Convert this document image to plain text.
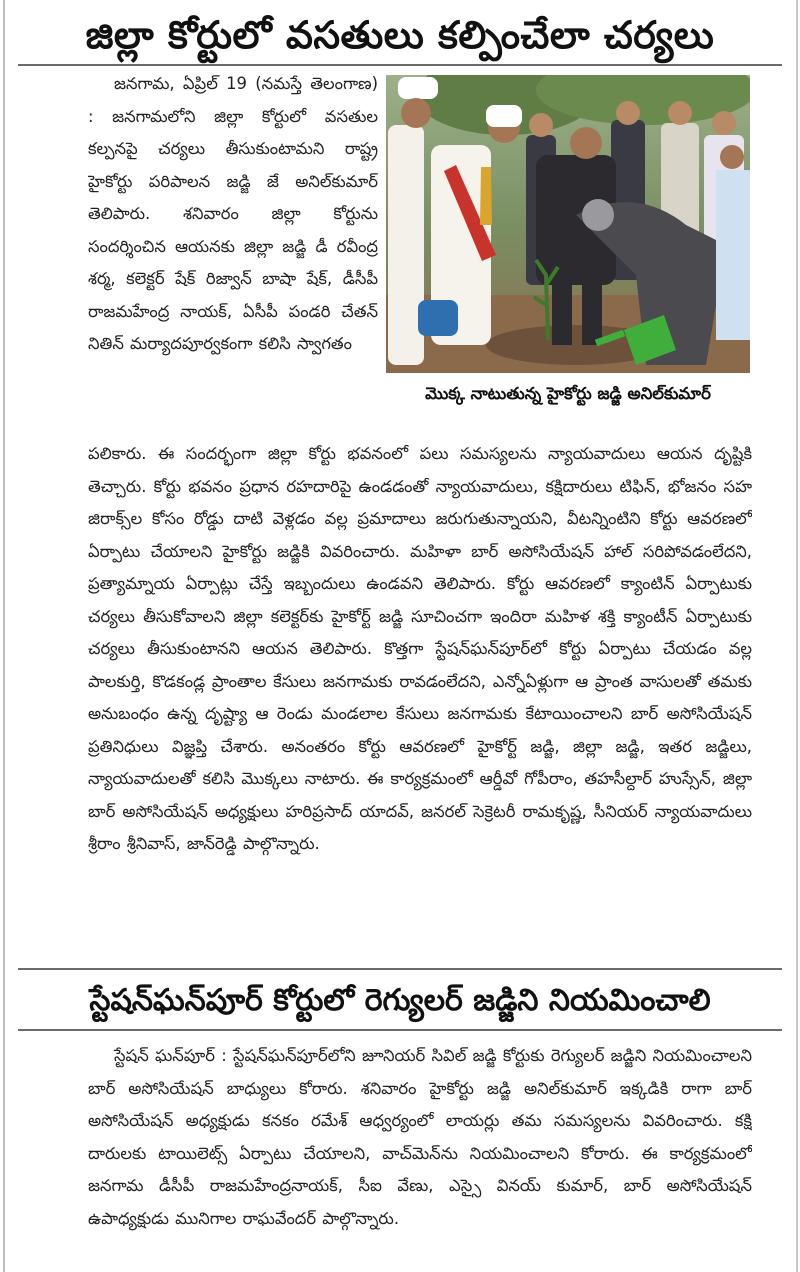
జిల్లా కోర్టులో వసతులు కల్పించేలా చర్యలు

జనగామ, ఏప్రిల్ 19 (నమస్తే తెలంగాణ) : జనగామలోని జిల్లా కోర్టులో వసతుల కల్పనపై చర్యలు తీసుకుంటామని రాష్ట్ర హైకోర్టు పరిపాలన జడ్జి జే అనిల్‌కుమార్ తెలిపారు. శనివారం జిల్లా కోర్టును సందర్శించిన ఆయనకు జిల్లా జడ్జి డీ రవీంద్ర శర్మ, కలెక్టర్ షేక్ రిజ్వాన్ బాషా షేక్, డీసీపీ రాజమహేంద్ర నాయక్, ఏసీపీ పండరి చేతన్ నితిన్ మర్యాదపూర్వకంగా కలిసి స్వాగతం

మొక్క నాటుతున్న హైకోర్టు జడ్జి అనిల్‌కుమార్

పలికారు. ఈ సందర్భంగా జిల్లా కోర్టు భవనంలో పలు సమస్యలను న్యాయవాదులు ఆయన దృష్టికి తెచ్చారు. కోర్టు భవనం ప్రధాన రహదారిపై ఉండడంతో న్యాయవాదులు, కక్షిదారులు టిఫిన్, భోజనం సహ జిరాక్స్‌ల కోసం రోడ్డు దాటి వెళ్లడం వల్ల ప్రమాదాలు జరుగుతున్నాయని, వీటన్నింటిని కోర్టు ఆవరణలో ఏర్పాటు చేయాలని హైకోర్టు జడ్జికి వివరించారు. మహిళా బార్ అసోసియేషన్ హాల్ సరిపోవడంలేదని, ప్రత్యామ్నాయ ఏర్పాట్లు చేస్తే ఇబ్బందులు ఉండవని తెలిపారు. కోర్టు ఆవరణలో క్యాంటిన్ ఏర్పాటుకు చర్యలు తీసుకోవాలని జిల్లా కలెక్టర్‌కు హైకోర్ట్ జడ్జి సూచించగా ఇందిరా మహిళ శక్తి క్యాంటీన్ ఏర్పాటుకు చర్యలు తీసుకుంటానని ఆయన తెలిపారు. కొత్తగా స్టేషన్‌ఘన్‌పూర్‌లో కోర్టు ఏర్పాటు చేయడం వల్ల పాలకుర్తి, కొడకండ్ల ప్రాంతాల కేసులు జనగామకు రావడంలేదని, ఎన్నోఏళ్లుగా ఆ ప్రాంత వాసులతో తమకు అనుబంధం ఉన్న దృష్ట్యా ఆ రెండు మండలాల కేసులు జనగామకు కేటాయించాలని బార్ అసోసియేషన్ ప్రతినిధులు విజ్ఞప్తి చేశారు. అనంతరం కోర్టు ఆవరణలో హైకోర్ట్ జడ్జి, జిల్లా జడ్జి, ఇతర జడ్జిలు, న్యాయవాదులతో కలిసి మొక్కలు నాటారు. ఈ కార్యక్రమంలో ఆర్డీవో గోపీరాం, తహసీల్దార్ హుస్సేన్, జిల్లా బార్ అసోసియేషన్ అధ్యక్షులు హరిప్రసాద్ యాదవ్, జనరల్ సెక్రెటరీ రామకృష్ణ, సీనియర్ న్యాయవాదులు శ్రీరాం శ్రీనివాస్, జాన్‌రెడ్డి పాల్గొన్నారు.

స్టేషన్‌ఘన్‌పూర్ కోర్టులో రెగ్యులర్ జడ్జిని నియమించాలి

స్టేషన్ ఘన్‌పూర్ : స్టేషన్‌ఘన్‌పూర్‌లోని జూనియర్ సివిల్ జడ్జి కోర్టుకు రెగ్యులర్ జడ్జిని నియమించాలని బార్ అసోసియేషన్ బాధ్యులు కోరారు. శనివారం హైకోర్టు జడ్జి అనిల్‌కుమార్ ఇక్కడికి రాగా బార్ అసోసియేషన్ అధ్యక్షుడు కనకం రమేశ్ ఆధ్వర్యంలో లాయర్లు తమ సమస్యలను వివరించారు. కక్షి దారులకు టాయిలెట్స్ ఏర్పాటు చేయాలని, వాచ్‌మెన్‌ను నియమించాలని కోరారు. ఈ కార్యక్రమంలో జనగామ డీసీపీ రాజమహేంద్రనాయక్, సీఐ వేణు, ఎస్సై వినయ్ కుమార్, బార్ అసోసియేషన్ ఉపాధ్యక్షుడు మునిగాల రాఘవేందర్ పాల్గొన్నారు.
